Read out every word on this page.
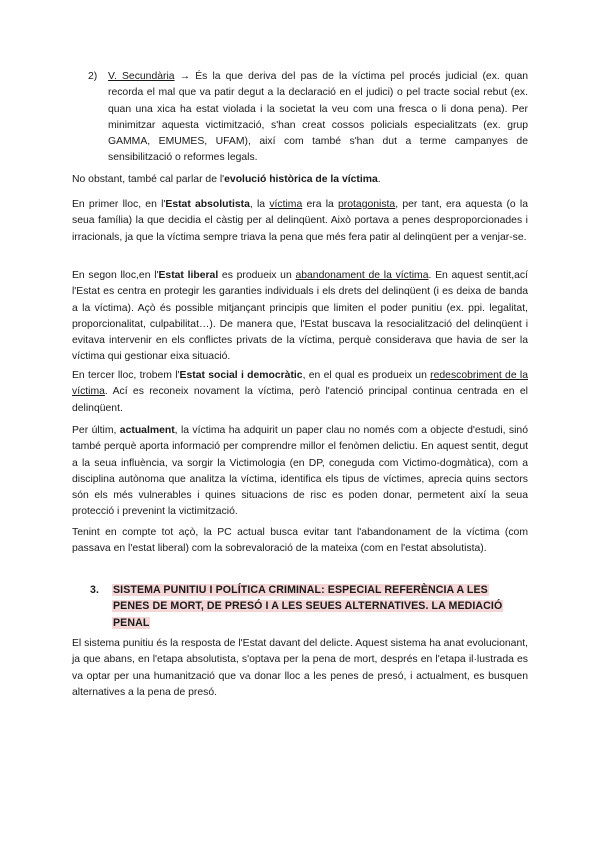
2) V. Secundària → És la que deriva del pas de la víctima pel procés judicial (ex. quan recorda el mal que va patir degut a la declaració en el judici) o pel tracte social rebut (ex. quan una xica ha estat violada i la societat la veu com una fresca o li dona pena). Per minimitzar aquesta victimització, s'han creat cossos policials especialitzats (ex. grup GAMMA, EMUMES, UFAM), així com també s'han dut a terme campanyes de sensibilització o reformes legals.

No obstant, també cal parlar de l'evolució històrica de la víctima.

En primer lloc, en l'Estat absolutista, la víctima era la protagonista, per tant, era aquesta (o la seua família) la que decidia el càstig per al delinqüent. Això portava a penes desproporcionades i irracionals, ja que la víctima sempre triava la pena que més fera patir al delinqüent per a venjar-se.

En segon lloc,en l'Estat liberal es produeix un abandonament de la víctima. En aquest sentit,ací l'Estat es centra en protegir les garanties individuals i els drets del delinqüent (i es deixa de banda a la víctima). Açò és possible mitjançant principis que limiten el poder punitiu (ex. ppi. legalitat, proporcionalitat, culpabilitat…). De manera que, l'Estat buscava la resocialització del delinqüent i evitava intervenir en els conflictes privats de la víctima, perquè considerava que havia de ser la víctima qui gestionar eixa situació.

En tercer lloc, trobem l'Estat social i democràtic, en el qual es produeix un redescobriment de la víctima. Ací es reconeix novament la víctima, però l'atenció principal continua centrada en el delinqüent.

Per últim, actualment, la víctima ha adquirit un paper clau no només com a objecte d'estudi, sinó també perquè aporta informació per comprendre millor el fenòmen delictiu. En aquest sentit, degut a la seua influència, va sorgir la Victimologia (en DP, coneguda com Victimo-dogmàtica), com a disciplina autònoma que analitza la víctima, identifica els tipus de víctimes, aprecia quins sectors són els més vulnerables i quines situacions de risc es poden donar, permetent així la seua protecció i prevenint la victimització.

Tenint en compte tot açò, la PC actual busca evitar tant l'abandonament de la víctima (com passava en l'estat liberal) com la sobrevaloració de la mateixa (com en l'estat absolutista).

3. SISTEMA PUNITIU I POLÍTICA CRIMINAL: ESPECIAL REFERÈNCIA A LES PENES DE MORT, DE PRESÓ I A LES SEUES ALTERNATIVES. LA MEDIACIÓ PENAL

El sistema punitiu és la resposta de l'Estat davant del delicte. Aquest sistema ha anat evolucionant, ja que abans, en l'etapa absolutista, s'optava per la pena de mort, després en l'etapa il·lustrada es va optar per una humanització que va donar lloc a les penes de presó, i actualment, es busquen alternatives a la pena de presó.
